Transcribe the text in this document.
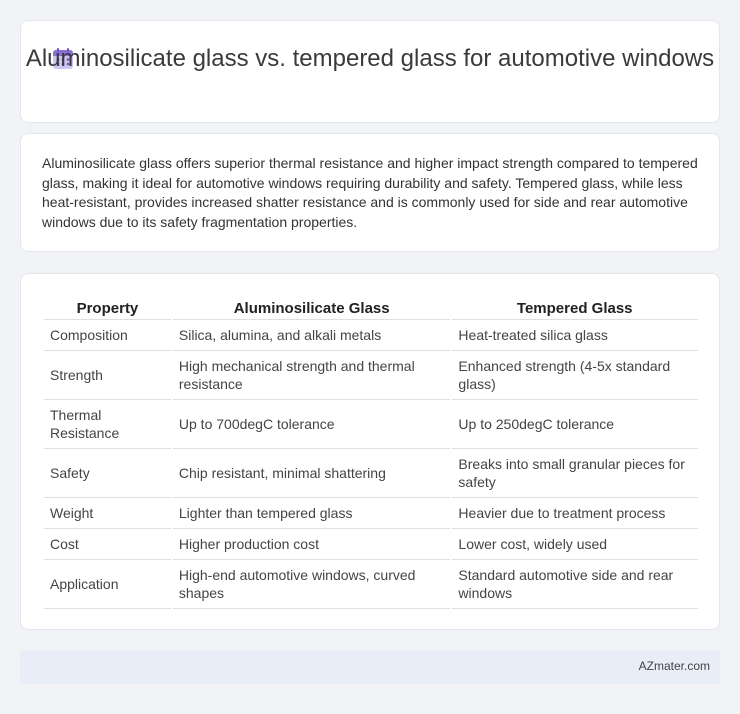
Aluminosilicate glass vs. tempered glass for automotive windows

Aluminosilicate glass offers superior thermal resistance and higher impact strength compared to tempered glass, making it ideal for automotive windows requiring durability and safety. Tempered glass, while less heat-resistant, provides increased shatter resistance and is commonly used for side and rear automotive windows due to its safety fragmentation properties.

Property	Aluminosilicate Glass	Tempered Glass
Composition	Silica, alumina, and alkali metals	Heat-treated silica glass
Strength	High mechanical strength and thermal resistance	Enhanced strength (4-5x standard glass)
Thermal Resistance	Up to 700degC tolerance	Up to 250degC tolerance
Safety	Chip resistant, minimal shattering	Breaks into small granular pieces for safety
Weight	Lighter than tempered glass	Heavier due to treatment process
Cost	Higher production cost	Lower cost, widely used
Application	High-end automotive windows, curved shapes	Standard automotive side and rear windows
AZmater.com
